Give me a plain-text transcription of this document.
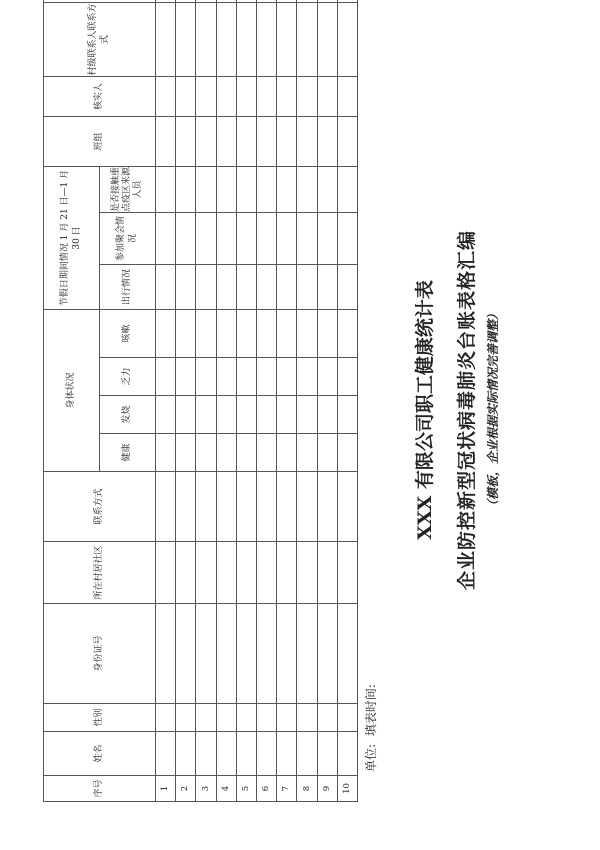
企业防控新型冠状病毒肺炎台账表格汇编 （模板，企业根据实际情况完善调整）
XXX 有限公司职工健康统计表
单位: 填表时间:
序号	姓名	性别	身份证号	所在村居社区	联系方式	身体状况				节假日期间情况 1 月 21 日—1 月 30 日			班组	核实人	村级联系人联系方式	
						健康	发烧	乏力	咳嗽	出行情况	参加聚会情况	是否接触重点疫区来源人员				
1																
2																
3																
4																
5																
6																
7																
8																
9																
10																
